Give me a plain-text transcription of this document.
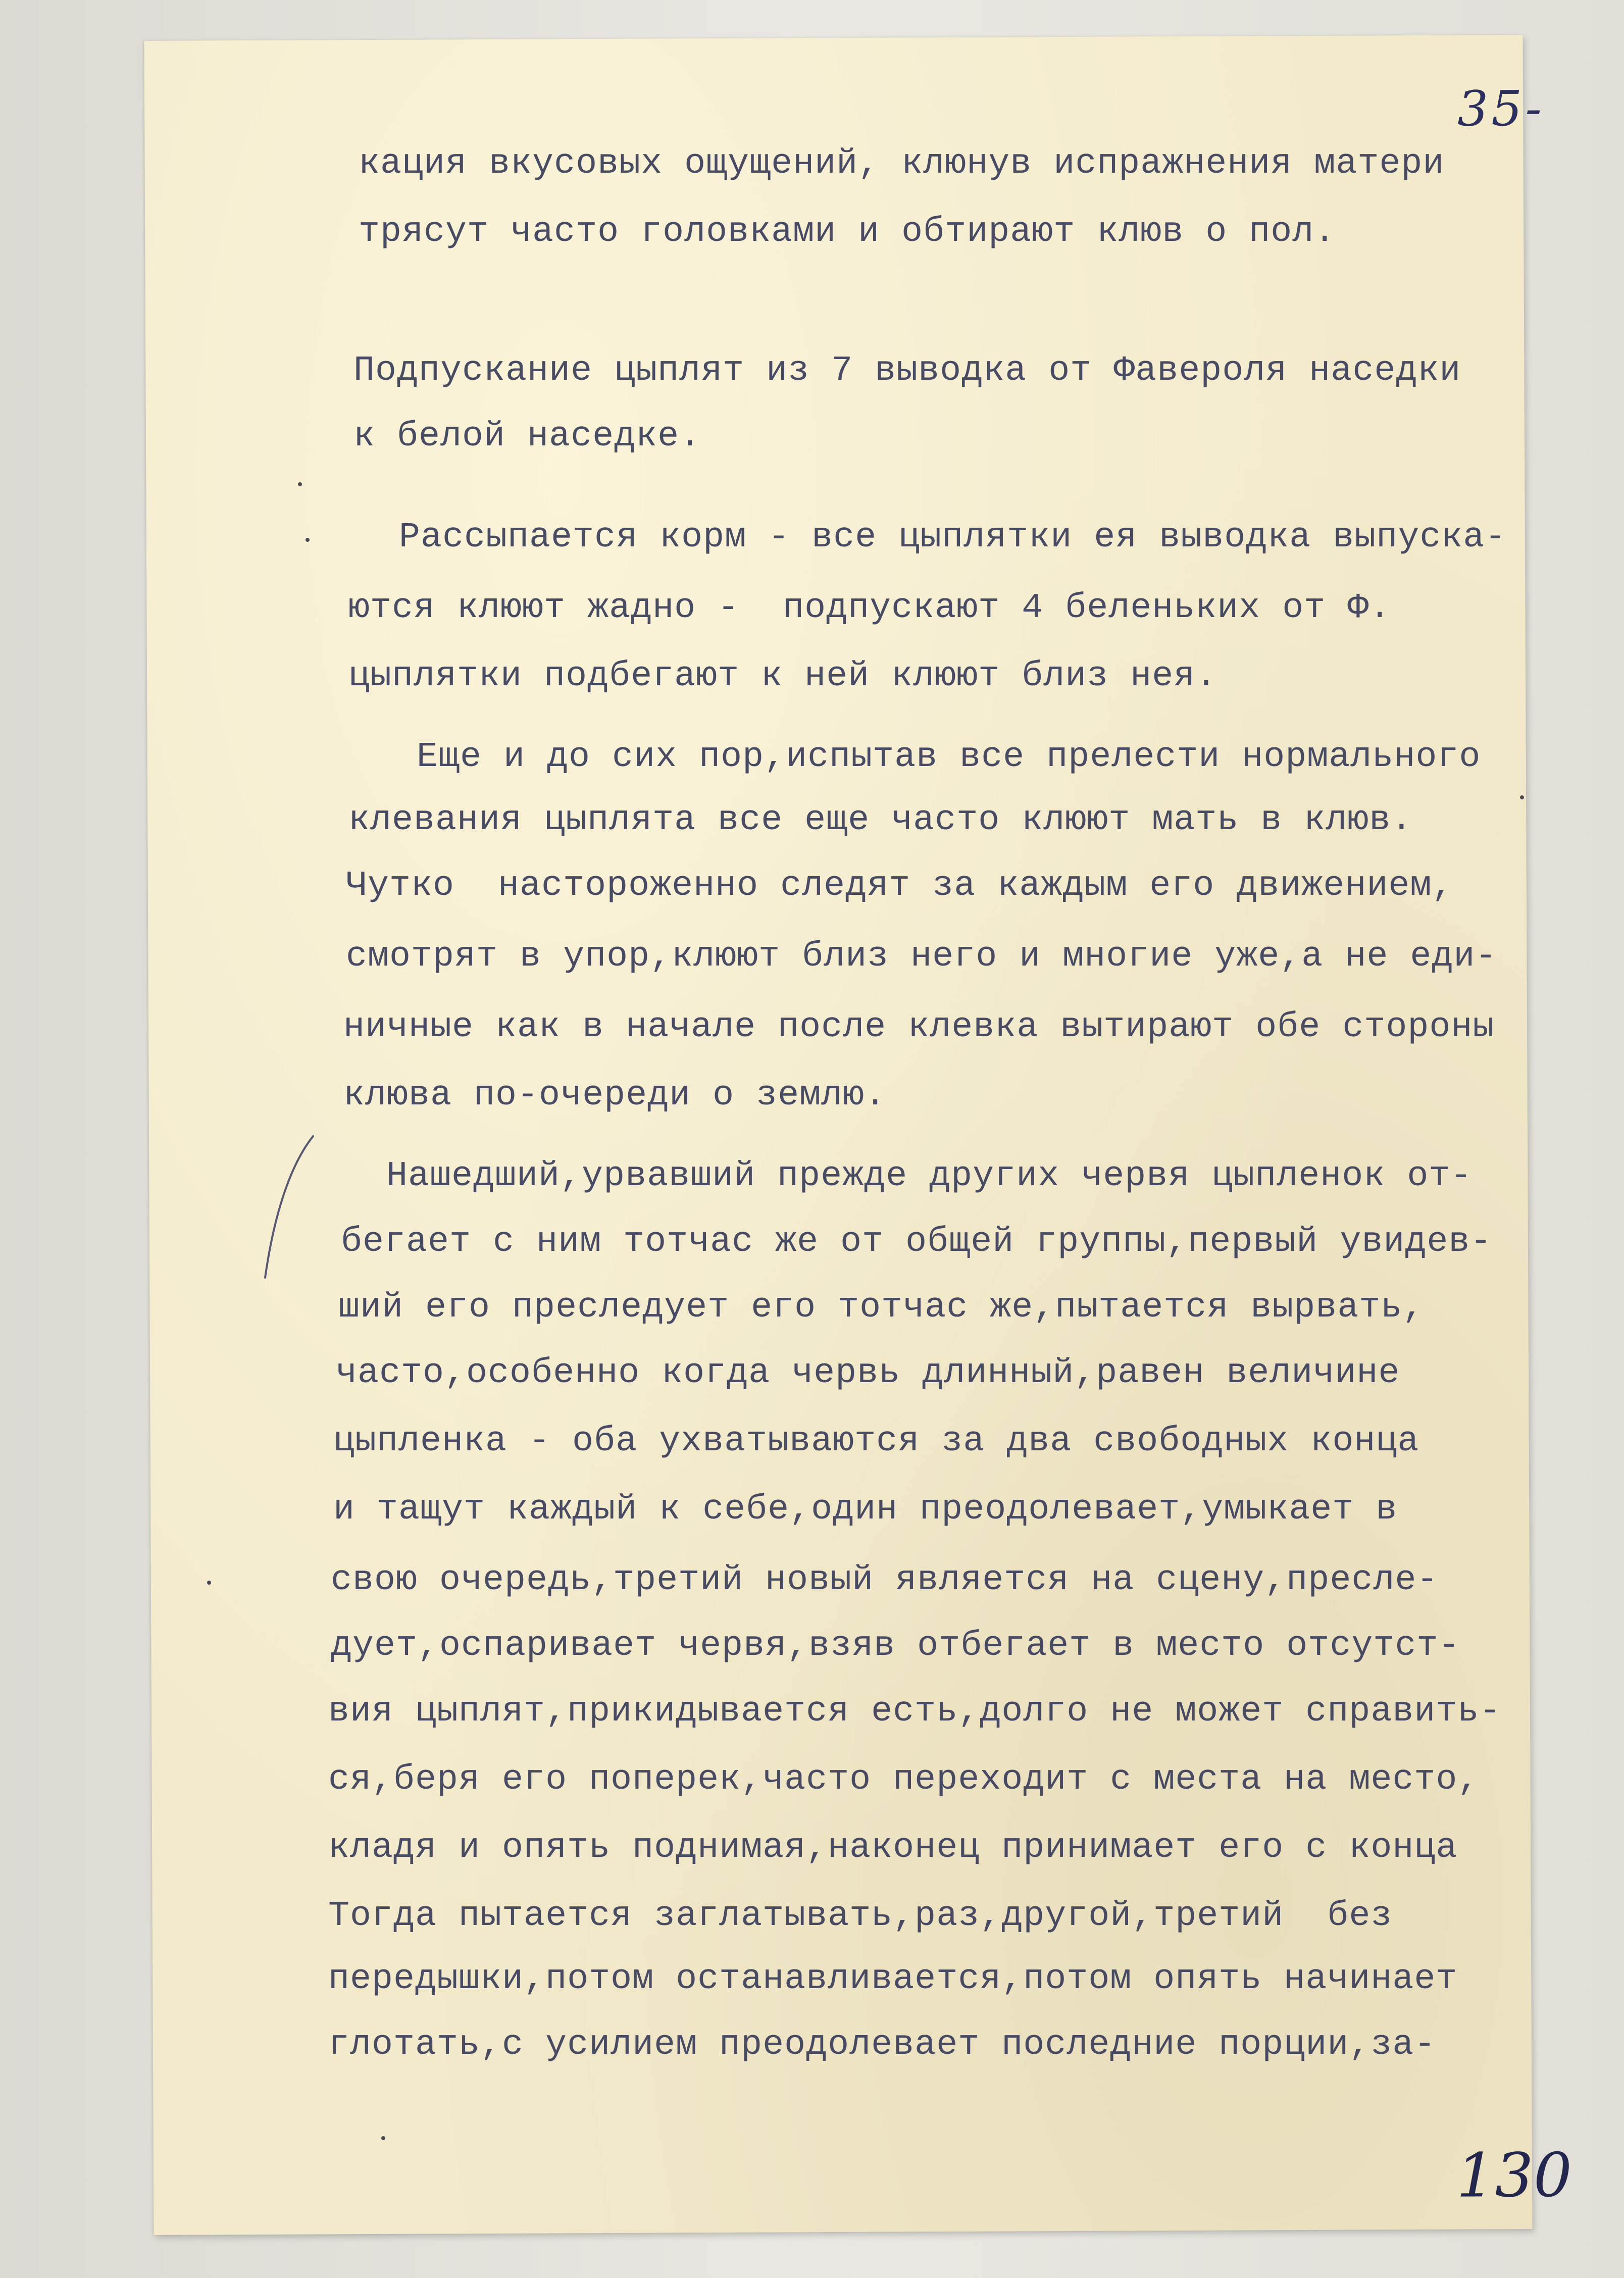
35-
130
кация вкусовых ощущений, клюнув испражнения матери
трясут часто головками и обтирают клюв о пол.
Подпускание цыплят из 7 выводка от Фавероля наседки
к белой наседке.
Рассыпается корм - все цыплятки ея выводка выпуска-
ются клюют жадно -  подпускают 4 беленьких от Ф.
цыплятки подбегают к ней клюют близ нея.
Еще и до сих пор,испытав все прелести нормального
клевания цыплята все еще часто клюют мать в клюв.
Чутко  настороженно следят за каждым его движением,
смотрят в упор,клюют близ него и многие уже,а не еди-
ничные как в начале после клевка вытирают обе стороны
клюва по-очереди о землю.
Нашедший,урвавший прежде других червя цыпленок от-
бегает с ним тотчас же от общей группы,первый увидев-
ший его преследует его тотчас же,пытается вырвать,
часто,особенно когда червь длинный,равен величине
цыпленка - оба ухватываются за два свободных конца
и тащут каждый к себе,один преодолевает,умыкает в
свою очередь,третий новый является на сцену,пресле-
дует,оспаривает червя,взяв отбегает в место отсутст-
вия цыплят,прикидывается есть,долго не может справить-
ся,беря его поперек,часто переходит с места на место,
кладя и опять поднимая,наконец принимает его с конца
Тогда пытается заглатывать,раз,другой,третий  без
передышки,потом останавливается,потом опять начинает
глотать,с усилием преодолевает последние порции,за-
